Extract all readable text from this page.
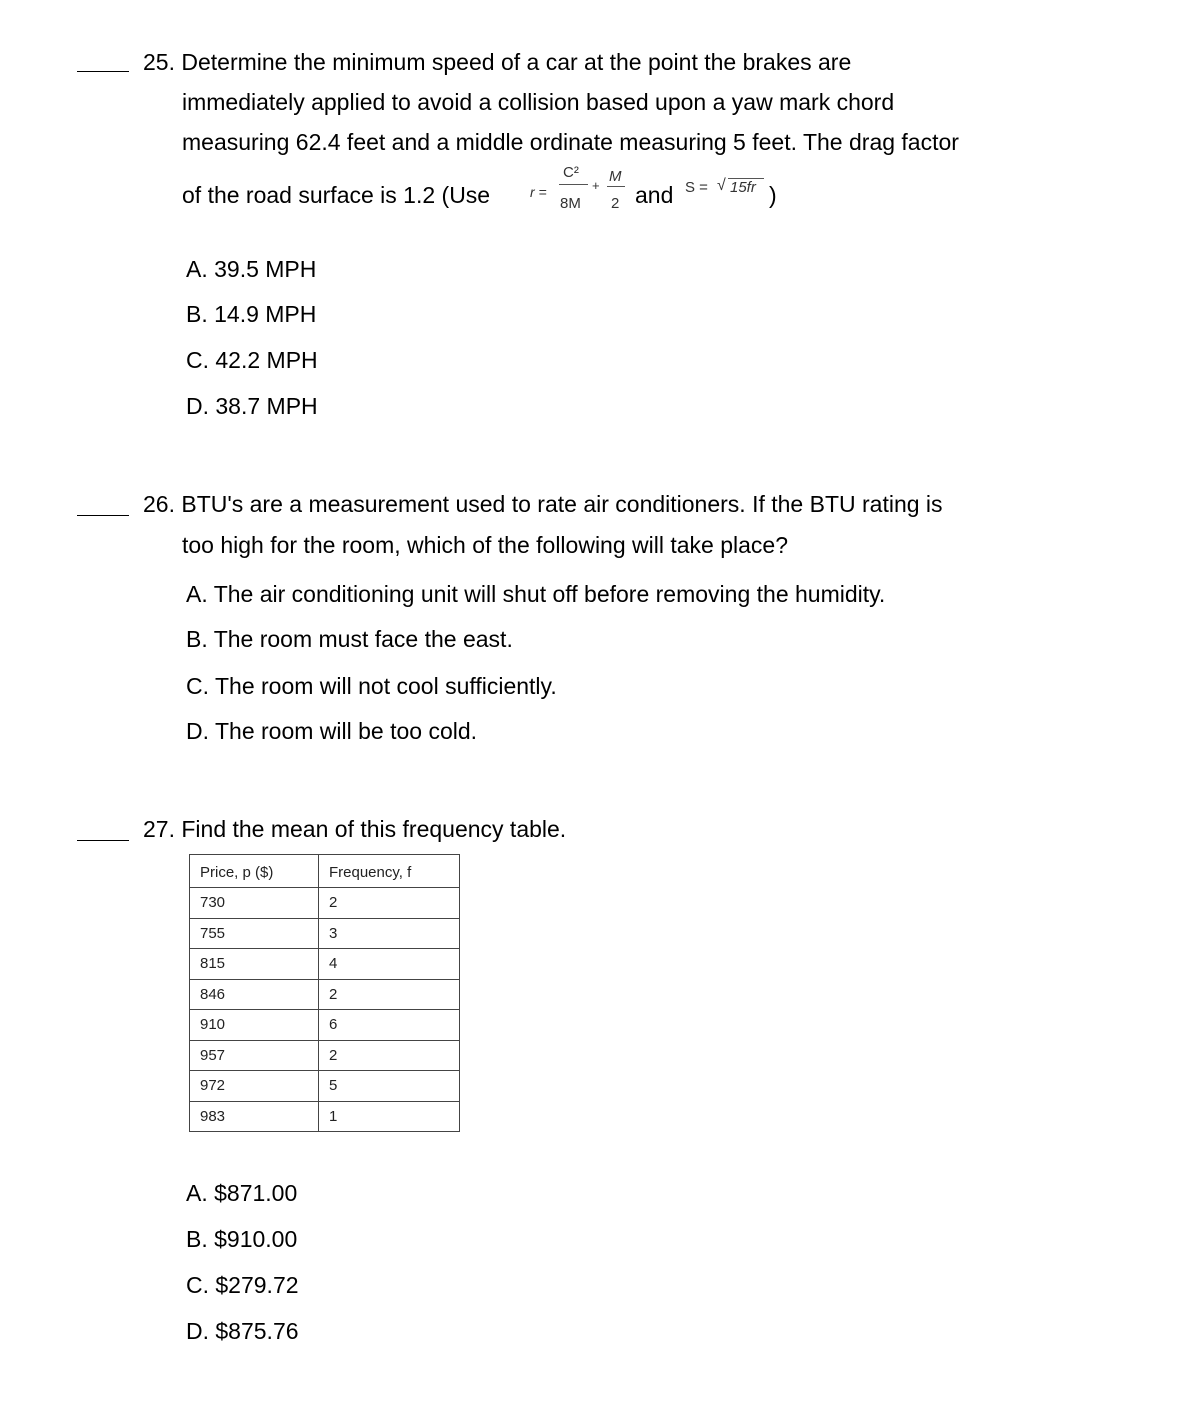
25. Determine the minimum speed of a car at the point the brakes are
immediately applied to avoid a collision based upon a yaw mark chord
measuring 62.4 feet and a middle ordinate measuring 5 feet. The drag factor
of the road surface is 1.2 (Use	r =
C²
8M
+
M
2 and S = √ 15fr )
A. 39.5 MPH
B. 14.9 MPH
C. 42.2 MPH
D. 38.7 MPH
26. BTU's are a measurement used to rate air conditioners. If the BTU rating is
too high for the room, which of the following will take place?
A. The air conditioning unit will shut off before removing the humidity.
B. The room must face the east.
C. The room will not cool sufficiently.
D. The room will be too cold.
27. Find the mean of this frequency table.
Price, p ($)	Frequency, f
730	2
755	3
815	4
846	2
910	6
957	2
972	5
983	1
A. $871.00
B. $910.00
C. $279.72
D. $875.76
